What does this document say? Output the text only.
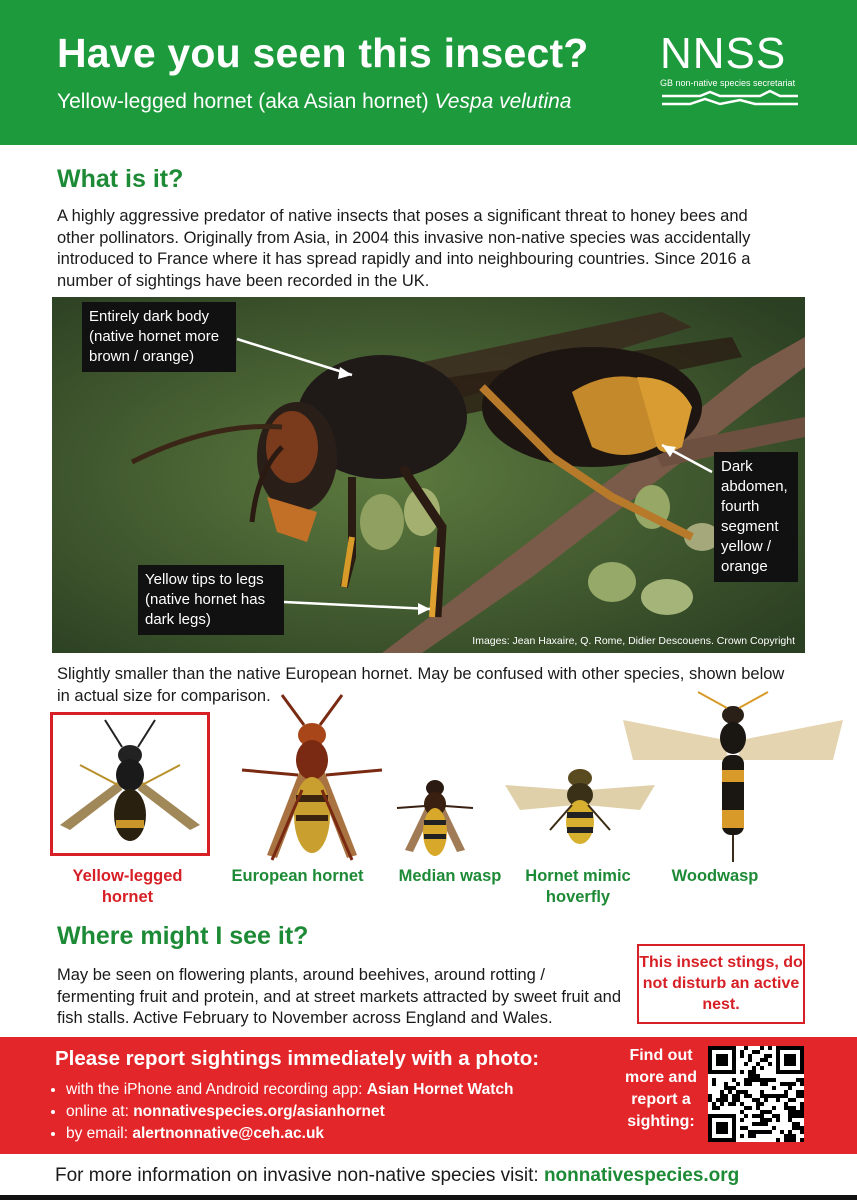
Have you seen this insect?
Yellow-legged hornet (aka Asian hornet) Vespa velutina
NNSS
GB non-native species secretariat
What is it?
A highly aggressive predator of native insects that poses a significant threat to honey bees and other pollinators. Originally from Asia, in 2004 this invasive non-native species was accidentally introduced to France where it has spread rapidly and into neighbouring countries. Since 2016 a number of sightings have been recorded in the UK.
Entirely dark body (native hornet more brown / orange)
Dark abdomen, fourth segment yellow / orange
Yellow tips to legs (native hornet has dark legs)
Images: Jean Haxaire, Q. Rome, Didier Descouens. Crown Copyright
Slightly smaller than the native European hornet. May be confused with other species, shown below in actual size for comparison.
Yellow-legged hornet
European hornet	Median wasp	Hornet mimic hoverfly
Woodwasp
Where might I see it?
May be seen on flowering plants, around beehives, around rotting / fermenting fruit and protein, and at street markets attracted by sweet fruit and fish stalls. Active February to November across England and Wales.
This insect stings, do not disturb an active nest.
Please report sightings immediately with a photo:
• with the iPhone and Android recording app: Asian Hornet Watch
• online at: nonnativespecies.org/asianhornet
• by email: alertnonnative@ceh.ac.uk
Find out more and report a sighting:
For more information on invasive non-native species visit: nonnativespecies.org
